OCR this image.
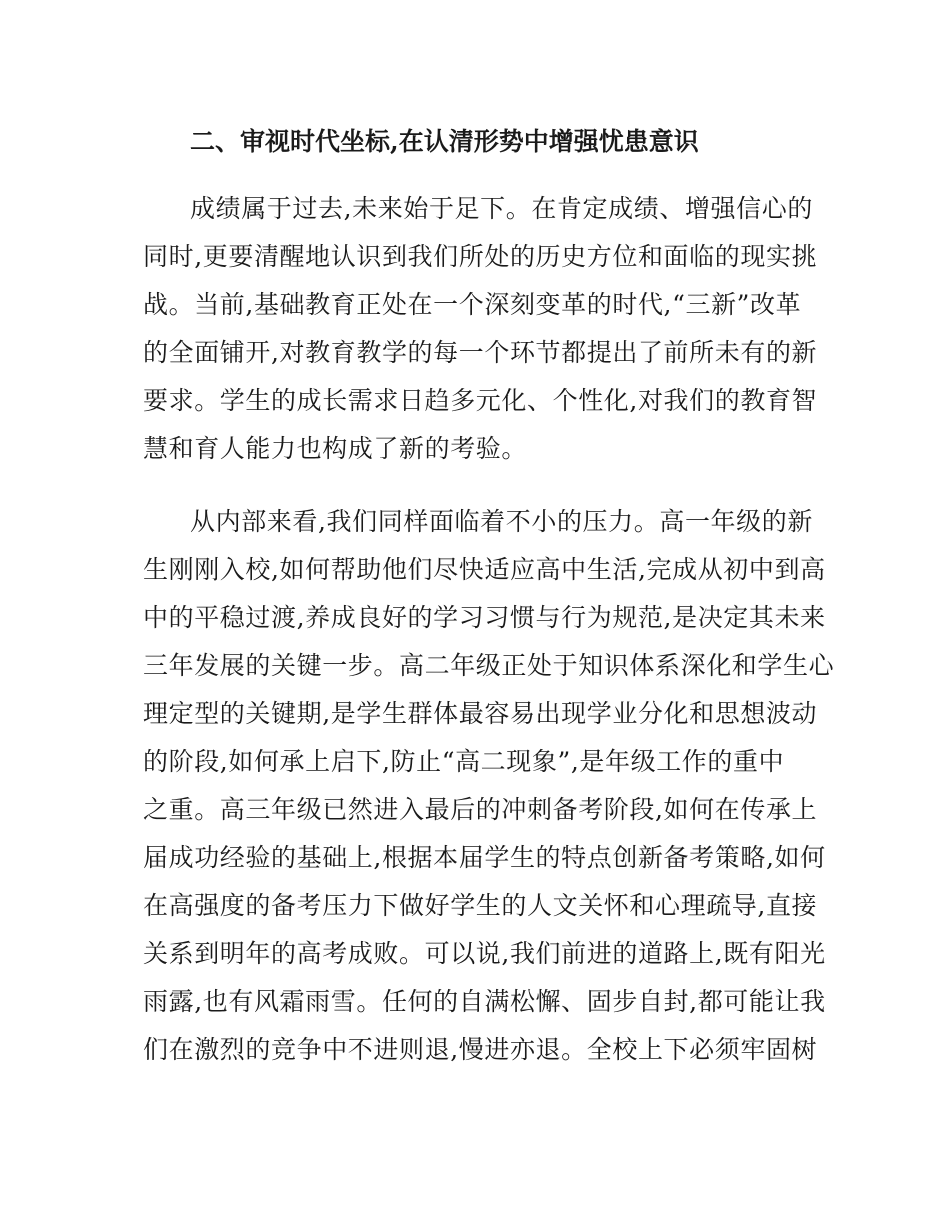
二、审视时代坐标,在认清形势中增强忧患意识
成绩属于过去,未来始于足下。在肯定成绩、增强信心的
同时,更要清醒地认识到我们所处的历史方位和面临的现实挑
战。当前,基础教育正处在一个深刻变革的时代,“三新”改革
的全面铺开,对教育教学的每一个环节都提出了前所未有的新
要求。学生的成长需求日趋多元化、个性化,对我们的教育智
慧和育人能力也构成了新的考验。
从内部来看,我们同样面临着不小的压力。高一年级的新
生刚刚入校,如何帮助他们尽快适应高中生活,完成从初中到高
中的平稳过渡,养成良好的学习习惯与行为规范,是决定其未来
三年发展的关键一步。高二年级正处于知识体系深化和学生心
理定型的关键期,是学生群体最容易出现学业分化和思想波动
的阶段,如何承上启下,防止“高二现象”,是年级工作的重中
之重。高三年级已然进入最后的冲刺备考阶段,如何在传承上
届成功经验的基础上,根据本届学生的特点创新备考策略,如何
在高强度的备考压力下做好学生的人文关怀和心理疏导,直接
关系到明年的高考成败。可以说,我们前进的道路上,既有阳光
雨露,也有风霜雨雪。任何的自满松懈、固步自封,都可能让我
们在激烈的竞争中不进则退,慢进亦退。全校上下必须牢固树
